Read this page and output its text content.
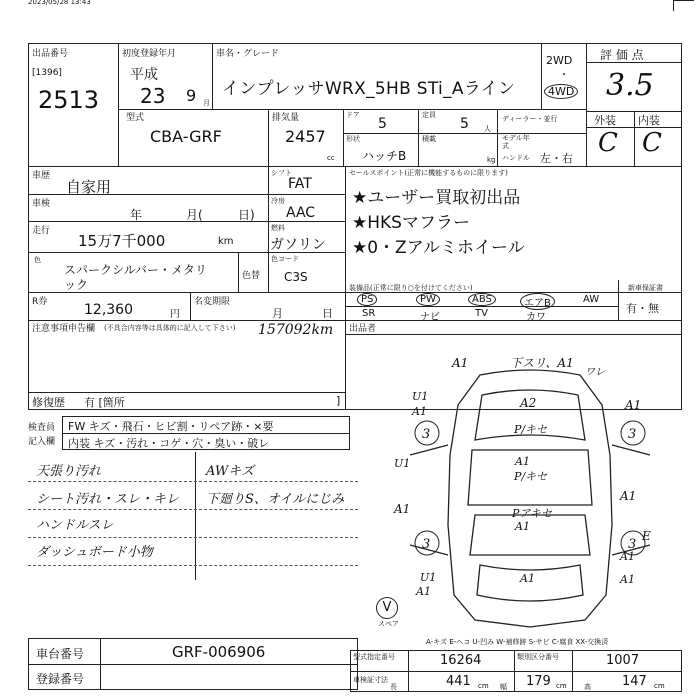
2023/05/28 13:43
出品番号
[1396]
2513
初度登録年月
平成
23 9 月
車名・グレード
インプレッサWRX_5HB STi_Aライン
2WD
・
4WD
評 価 点
3.5
型式
CBA-GRF
排気量
2457
cc
ドア
5
定員
5 人
ディーラー・並行
形状
ハッチB
積載
kg
モデル年式
ハンドル 左・右
外装 内装
C C
車歴
自家用
車検
年	月(	日)
走行
15万7千000	km
色
スパークシルバー・メタリ
ック
色替
シフト
FAT
冷房
AAC
燃料
ガソリン
色コード
C3S
セールスポイント(正常に機能するものに限ります)
★ユーザー買取初出品
★HKSマフラー
★0・Zアルミホイール
R券	12,360	円
名変期限
月	日
装備品(正常に限り○を付けてください)	新車保証書
有・無
PS	PW	ABS	エアB	AW
SR	ナビ	TV	カワ
注意事項申告欄 (不具合内容等は具体的に記入して下さい) 157092km 出品者
修復歴 有 [箇所	]
検査員
記入欄
FW キズ・飛石・ヒビ割・リペア跡・×要
内装 キズ・汚れ・コゲ・穴・臭い・破レ
天張り汚れ
シート汚れ・スレ・キレ
ハンドルスレ
ダッシュボード小物
AWキズ
下廻りS、オイルにじみ
3	3
3	3
A1	下スリ、A1
ワレ
A2	A1
U1
A1
P/キセ
A1
U1
A1
P/キセ
Pアキセ
A1
A1
E
A1
U1
A1
A1	A1
V
スペア
A-キズ E-ヘコ U-凹み W-補修跡 S-サビ C-腐食 XX-交換済
車台番号	GRF-006906
登録番号
型式指定番号	16264	類別区分番号	1007
車検証寸法
長	441 cm 幅 179 cm 高 147 cm
